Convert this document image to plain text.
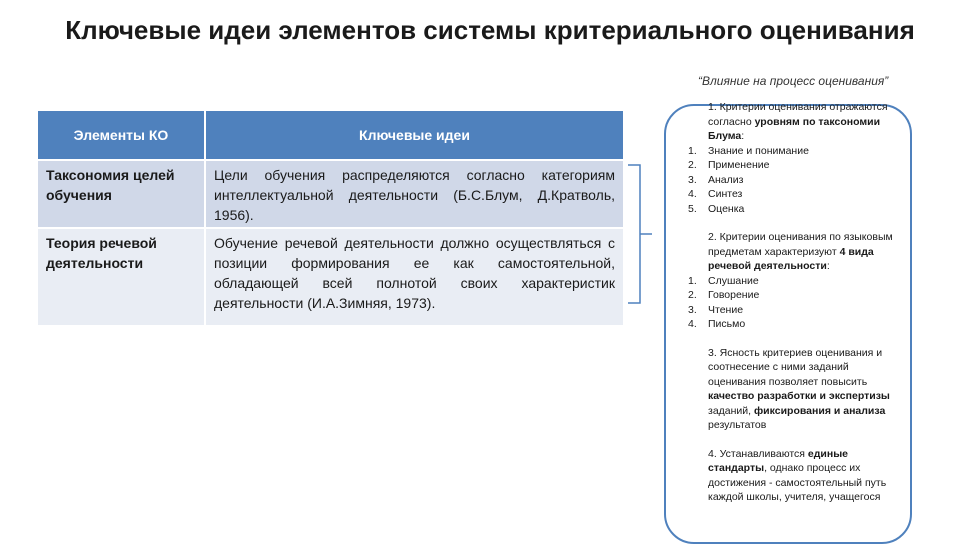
Ключевые идеи элементов системы критериального оценивания
“Влияние на процесс оценивания”
Элементы КО	Ключевые идеи
Таксономия целей обучения	Цели обучения распределяются согласно категориям интеллектуальной деятельности (Б.С.Блум, Д.Кратволь, 1956).
Теория речевой деятельности	Обучение речевой деятельности должно осуществляться с позиции формирования ее как самостоятельной, обладающей всей полнотой своих характеристик деятельности (И.А.Зимняя, 1973).
1. Критерии оценивания отражаются согласно уровням по таксономии Блума:
1.	Знание и понимание
2.	Применение
3.	Анализ
4.	Синтез
5.	Оценка
2. Критерии оценивания по языковым предметам характеризуют 4 вида речевой деятельности:
1.	Слушание
2.	Говорение
3.	Чтение
4.	Письмо
3. Ясность критериев оценивания и соотнесение с ними заданий оценивания позволяет повысить качество разработки и экспертизы заданий, фиксирования и анализа результатов
4. Устанавливаются единые стандарты, однако процесс их достижения - самостоятельный путь каждой школы, учителя, учащегося
